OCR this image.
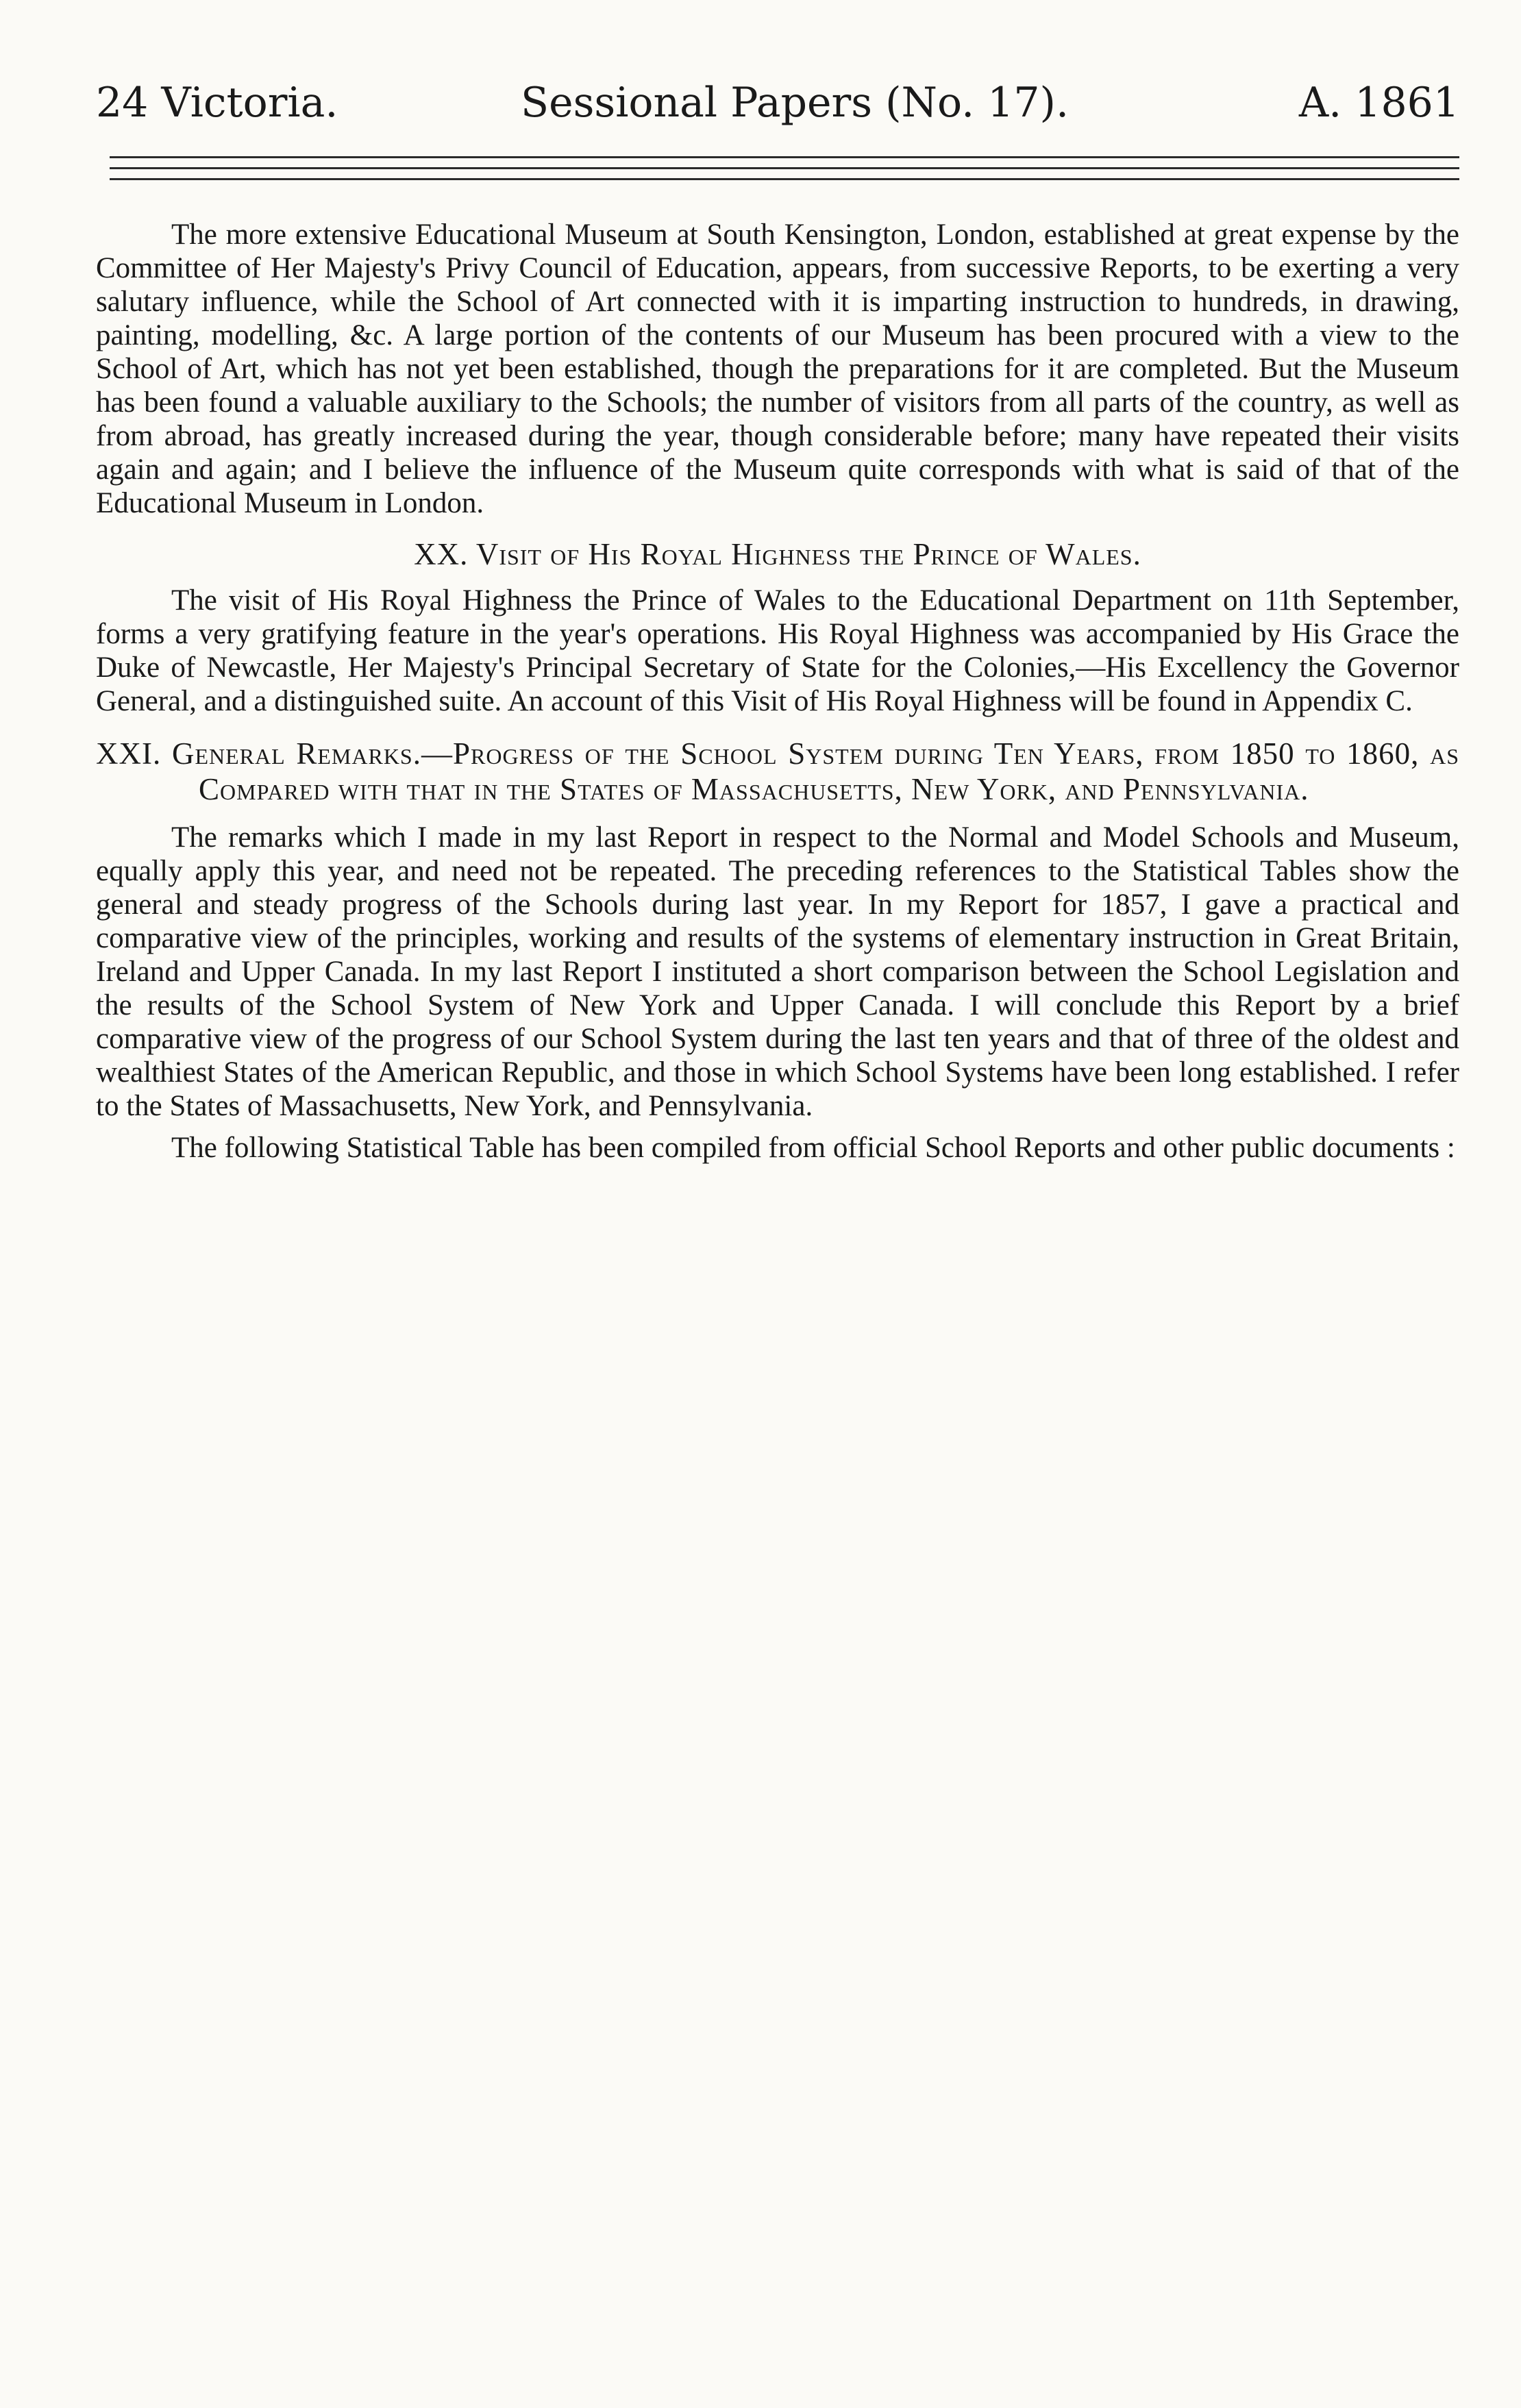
24 Victoria.	Sessional Papers (No. 17).	A. 1861

The more extensive Educational Museum at South Kensington, London, established at great expense by the Committee of Her Majesty's Privy Council of Education, appears, from successive Reports, to be exerting a very salutary influence, while the School of Art connected with it is imparting instruction to hundreds, in drawing, painting, modelling, &c. A large portion of the contents of our Museum has been procured with a view to the School of Art, which has not yet been established, though the preparations for it are completed. But the Museum has been found a valuable auxiliary to the Schools; the number of visitors from all parts of the country, as well as from abroad, has greatly increased during the year, though considerable before; many have repeated their visits again and again; and I believe the influence of the Museum quite corresponds with what is said of that of the Educational Museum in London.

XX. Visit of His Royal Highness the Prince of Wales.

The visit of His Royal Highness the Prince of Wales to the Educational Department on 11th September, forms a very gratifying feature in the year's operations. His Royal Highness was accompanied by His Grace the Duke of Newcastle, Her Majesty's Principal Secretary of State for the Colonies,—His Excellency the Governor General, and a distinguished suite. An account of this Visit of His Royal Highness will be found in Appendix C.

XXI. General Remarks.—Progress of the School System during Ten Years, from 1850 to 1860, as Compared with that in the States of Massachusetts, New York, and Pennsylvania.

The remarks which I made in my last Report in respect to the Normal and Model Schools and Museum, equally apply this year, and need not be repeated. The preceding references to the Statistical Tables show the general and steady progress of the Schools during last year. In my Report for 1857, I gave a practical and comparative view of the principles, working and results of the systems of elementary instruction in Great Britain, Ireland and Upper Canada. In my last Report I instituted a short comparison between the School Legislation and the results of the School System of New York and Upper Canada. I will conclude this Report by a brief comparative view of the progress of our School System during the last ten years and that of three of the oldest and wealthiest States of the American Republic, and those in which School Systems have been long established. I refer to the States of Massachusetts, New York, and Pennsylvania.

The following Statistical Table has been compiled from official School Reports and other public documents :
